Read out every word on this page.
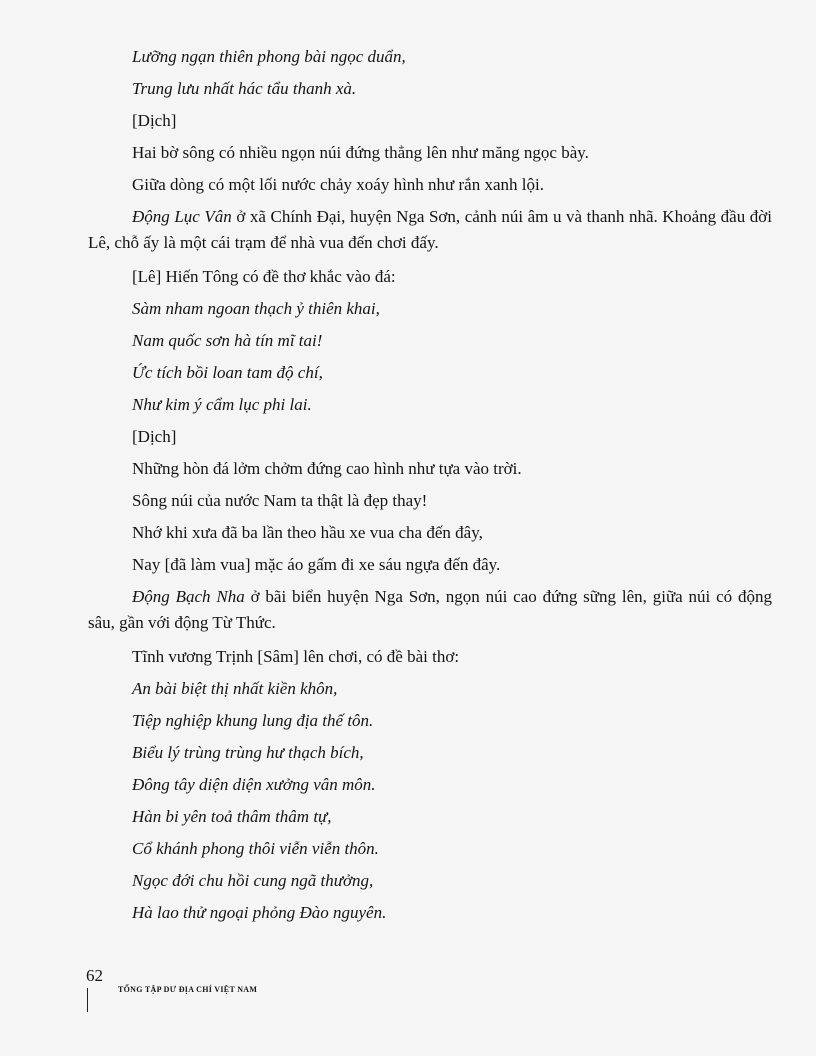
Lưỡng ngạn thiên phong bài ngọc duẩn,
Trung lưu nhất hác tẩu thanh xà.
[Dịch]
Hai bờ sông có nhiều ngọn núi đứng thẳng lên như măng ngọc bày.
Giữa dòng có một lối nước chảy xoáy hình như rắn xanh lội.
Động Lục Vân ở xã Chính Đại, huyện Nga Sơn, cảnh núi âm u và thanh nhã. Khoảng đầu đời Lê, chỗ ấy là một cái trạm để nhà vua đến chơi đấy.
[Lê] Hiến Tông có đề thơ khắc vào đá:
Sàm nham ngoan thạch ỷ thiên khai,
Nam quốc sơn hà tín mĩ tai!
Ức tích bồi loan tam độ chí,
Như kim ý cẩm lục phi lai.
[Dịch]
Những hòn đá lởm chởm đứng cao hình như tựa vào trời.
Sông núi của nước Nam ta thật là đẹp thay!
Nhớ khi xưa đã ba lần theo hầu xe vua cha đến đây,
Nay [đã làm vua] mặc áo gấm đi xe sáu ngựa đến đây.
Động Bạch Nha ở bãi biển huyện Nga Sơn, ngọn núi cao đứng sững lên, giữa núi có động sâu, gần với động Từ Thức.
Tĩnh vương Trịnh [Sâm] lên chơi, có đề bài thơ:
An bài biệt thị nhất kiền khôn,
Tiệp nghiệp khung lung địa thế tôn.
Biểu lý trùng trùng hư thạch bích,
Đông tây diện diện xưởng vân môn.
Hàn bi yên toả thâm thâm tự,
Cổ khánh phong thôi viễn viễn thôn.
Ngọc đới chu hồi cung ngã thưởng,
Hà lao thử ngoại phỏng Đào nguyên.
62
TỔNG TẬP DƯ ĐỊA CHÍ VIỆT NAM
